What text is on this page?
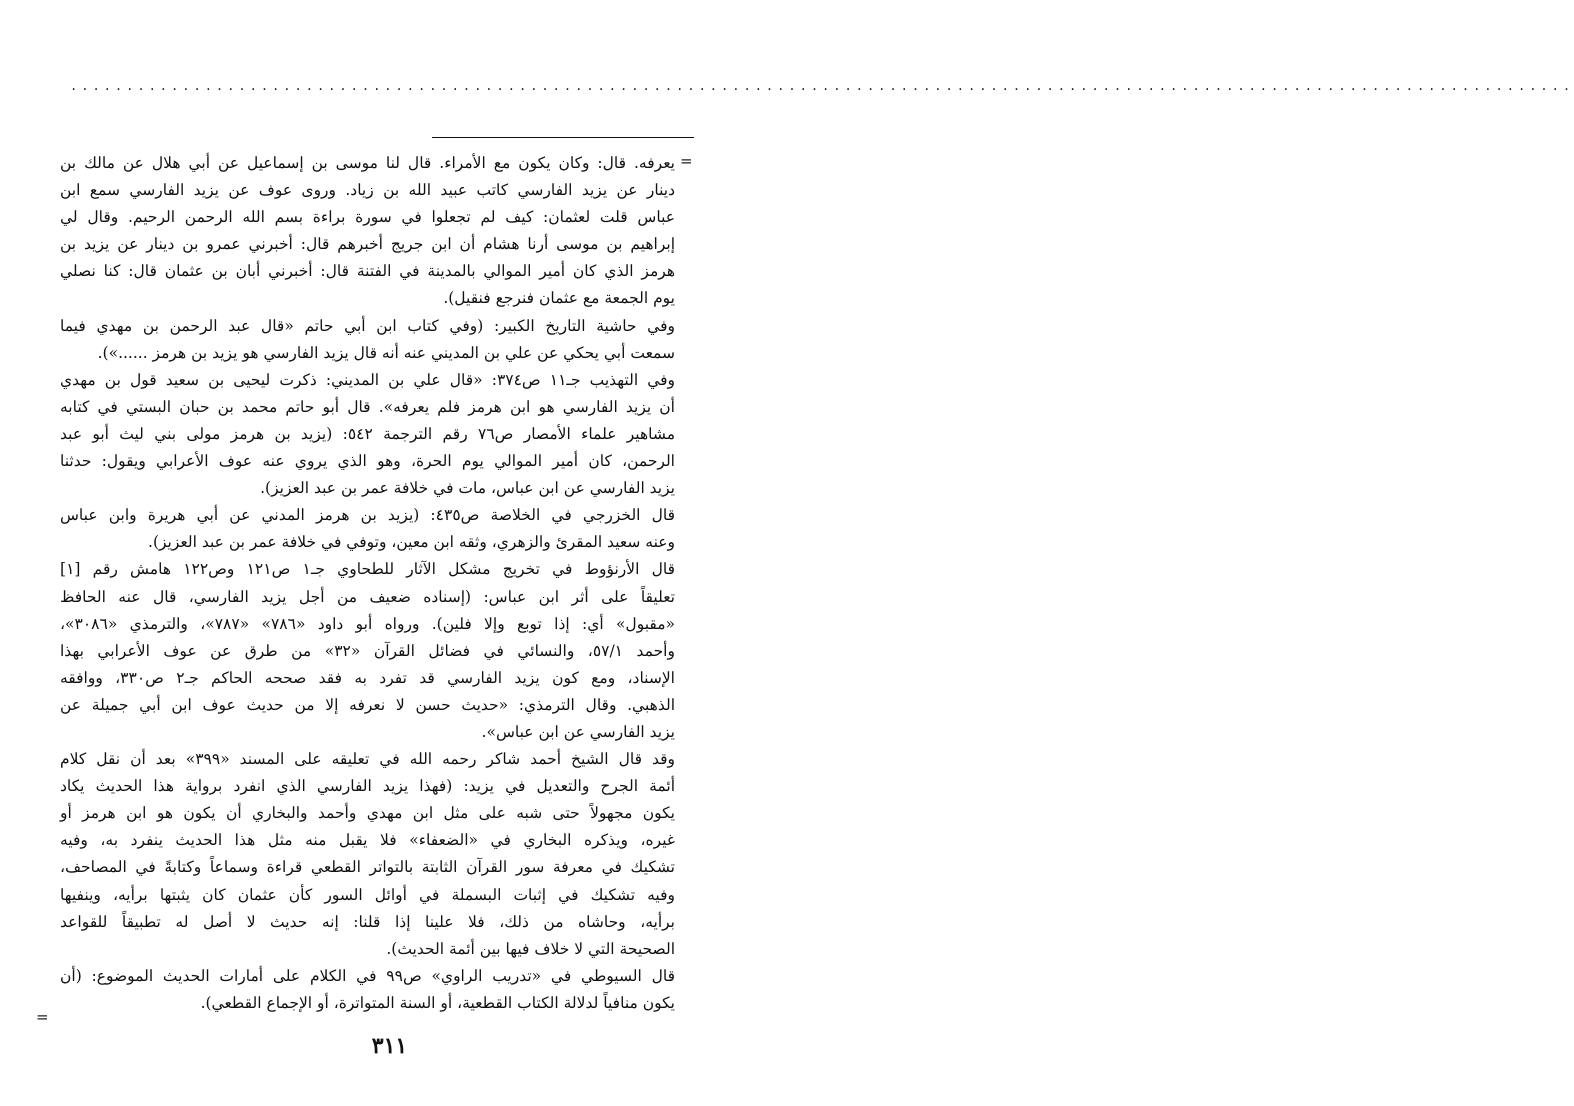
......................................................................................................................................
=

يعرفه. قال: وكان يكون مع الأمراء. قال لنا موسى بن إسماعيل عن أبي هلال عن مالك بن
دينار عن يزيد الفارسي كاتب عبيد الله بن زياد. وروى عوف عن يزيد الفارسي سمع ابن
عباس قلت لعثمان: كيف لم تجعلوا في سورة براءة بسم الله الرحمن الرحيم. وقال لي
إبراهيم بن موسى أرنا هشام أن ابن جريج أخبرهم قال: أخبرني عمرو بن دينار عن يزيد بن
هرمز الذي كان أمير الموالي بالمدينة في الفتنة قال: أخبرني أبان بن عثمان قال: كنا نصلي
يوم الجمعة مع عثمان فنرجع فنقيل).

وفي حاشية التاريخ الكبير: (وفي كتاب ابن أبي حاتم «قال عبد الرحمن بن مهدي فيما
سمعت أبي يحكي عن علي بن المديني عنه أنه قال يزيد الفارسي هو يزيد بن هرمز ......»).

وفي التهذيب جـ١١ ص٣٧٤: «قال علي بن المديني: ذكرت ليحيى بن سعيد قول بن مهدي
أن يزيد الفارسي هو ابن هرمز فلم يعرفه». قال أبو حاتم محمد بن حبان البستي في كتابه
مشاهير علماء الأمصار ص٧٦ رقم الترجمة ٥٤٢: (يزيد بن هرمز مولى بني ليث أبو عبد
الرحمن، كان أمير الموالي يوم الحرة، وهو الذي يروي عنه عوف الأعرابي ويقول: حدثنا
يزيد الفارسي عن ابن عباس، مات في خلافة عمر بن عبد العزيز).

قال الخزرجي في الخلاصة ص٤٣٥: (يزيد بن هرمز المدني عن أبي هريرة وابن عباس
وعنه سعيد المقرئ والزهري، وثقه ابن معين، وتوفي في خلافة عمر بن عبد العزيز).

قال الأرنؤوط في تخريج مشكل الآثار للطحاوي جـ١ ص١٢١ وص١٢٢ هامش رقم [١]
تعليقاً على أثر ابن عباس: (إسناده ضعيف من أجل يزيد الفارسي، قال عنه الحافظ
«مقبول» أي: إذا توبع وإلا فلين). ورواه أبو داود «٧٨٦» «٧٨٧»، والترمذي «٣٠٨٦»،
وأحمد ٥٧/١، والنسائي في فضائل القرآن «٣٢» من طرق عن عوف الأعرابي بهذا
الإسناد، ومع كون يزيد الفارسي قد تفرد به فقد صححه الحاكم جـ٢ ص٣٣٠، ووافقه
الذهبي. وقال الترمذي: «حديث حسن لا نعرفه إلا من حديث عوف ابن أبي جميلة عن
يزيد الفارسي عن ابن عباس».

وقد قال الشيخ أحمد شاكر رحمه الله في تعليقه على المسند «٣٩٩» بعد أن نقل كلام
أئمة الجرح والتعديل في يزيد: (فهذا يزيد الفارسي الذي انفرد برواية هذا الحديث يكاد
يكون مجهولاً حتى شبه على مثل ابن مهدي وأحمد والبخاري أن يكون هو ابن هرمز أو
غيره، ويذكره البخاري في «الضعفاء» فلا يقبل منه مثل هذا الحديث ينفرد به، وفيه
تشكيك في معرفة سور القرآن الثابتة بالتواتر القطعي قراءة وسماعاً وكتابةً في المصاحف،
وفيه تشكيك في إثبات البسملة في أوائل السور كأن عثمان كان يثبتها برأيه، وينفيها
برأيه، وحاشاه من ذلك، فلا علينا إذا قلنا: إنه حديث لا أصل له تطبيقاً للقواعد
الصحيحة التي لا خلاف فيها بين أئمة الحديث).

قال السيوطي في «تدريب الراوي» ص٩٩ في الكلام على أمارات الحديث الموضوع: (أن
يكون منافياً لدلالة الكتاب القطعية، أو السنة المتواترة، أو الإجماع القطعي).

=
٣١١
